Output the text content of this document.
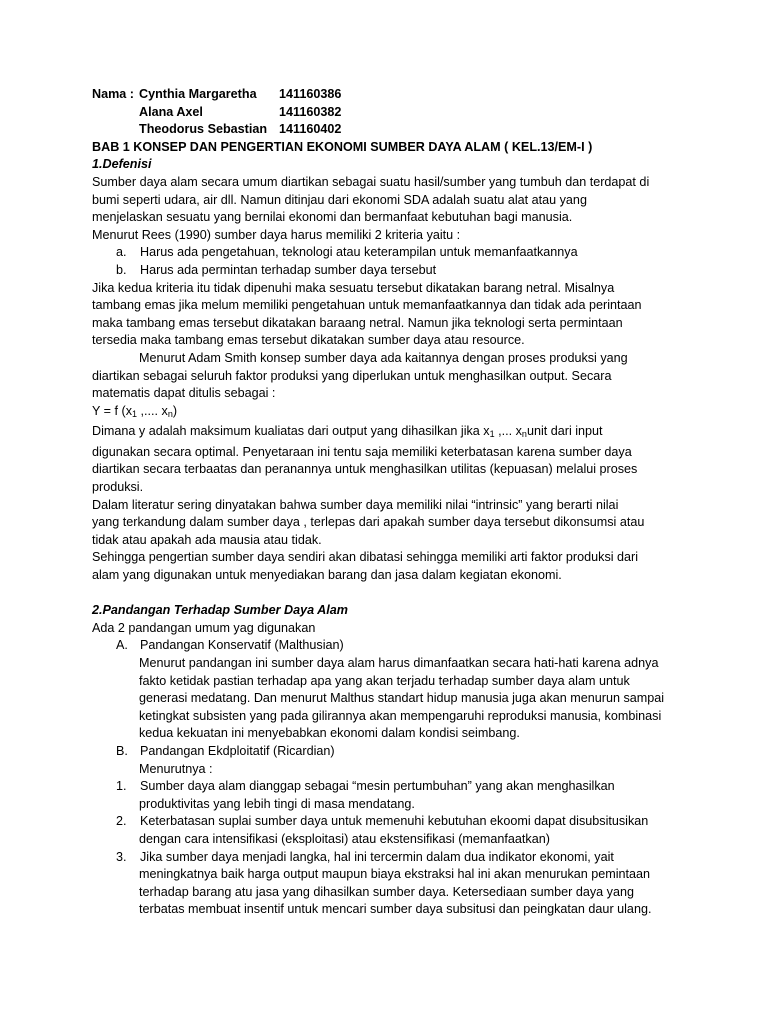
Nama : Cynthia Margaretha	141160386
Alana Axel	141160382
Theodorus Sebastian 141160402

BAB 1 KONSEP DAN PENGERTIAN EKONOMI SUMBER DAYA ALAM ( KEL.13/EM-I )

1.Defenisi

Sumber daya alam secara umum diartikan sebagai suatu hasil/sumber yang tumbuh dan terdapat di

bumi seperti udara, air dll. Namun ditinjau dari ekonomi SDA adalah suatu alat atau yang

menjelaskan sesuatu yang bernilai ekonomi dan bermanfaat kebutuhan bagi manusia.

Menurut Rees (1990) sumber daya harus memiliki 2 kriteria yaitu :

a.	Harus ada pengetahuan, teknologi atau keterampilan untuk memanfaatkannya
b.	Harus ada permintan terhadap sumber daya tersebut

Jika kedua kriteria itu tidak dipenuhi maka sesuatu tersebut dikatakan barang netral. Misalnya

tambang emas jika melum memiliki pengetahuan untuk memanfaatkannya dan tidak ada perintaan

maka tambang emas tersebut dikatakan baraang netral. Namun jika teknologi serta permintaan

tersedia maka tambang emas tersebut dikatakan sumber daya atau resource.

Menurut Adam Smith konsep sumber daya ada kaitannya dengan proses produksi yang

diartikan sebagai seluruh faktor produksi yang diperlukan untuk menghasilkan output. Secara

matematis dapat ditulis sebagai :

Y = f ($x_1$ ,.... $x_n$)

Dimana y adalah maksimum kualiatas dari output yang dihasilkan jika $x_1$ ,... $x_nunit$ dari input

digunakan secara optimal. Penyetaraan ini tentu saja memiliki keterbatasan karena sumber daya

diartikan secara terbaatas dan peranannya untuk menghasilkan utilitas (kepuasan) melalui proses

produksi.

Dalam literatur sering dinyatakan bahwa sumber daya memiliki nilai “intrinsic” yang berarti nilai

yang terkandung dalam sumber daya , terlepas dari apakah sumber daya tersebut dikonsumsi atau

tidak atau apakah ada mausia atau tidak.

Sehingga pengertian sumber daya sendiri akan dibatasi sehingga memiliki arti faktor produksi dari

alam yang digunakan untuk menyediakan barang dan jasa dalam kegiatan ekonomi.

2.Pandangan Terhadap Sumber Daya Alam

Ada 2 pandangan umum yag digunakan

A. Pandangan Konservatif (Malthusian)

Menurut pandangan ini sumber daya alam harus dimanfaatkan secara hati-hati karena adnya

fakto ketidak pastian terhadap apa yang akan terjadu terhadap sumber daya alam untuk

generasi medatang. Dan menurut Malthus standart hidup manusia juga akan menurun sampai

ketingkat subsisten yang pada gilirannya akan mempengaruhi reproduksi manusia, kombinasi

kedua kekuatan ini menyebabkan ekonomi dalam kondisi seimbang.

B. Pandangan Ekdploitatif (Ricardian)

Menurutnya :

1.	Sumber daya alam dianggap sebagai “mesin pertumbuhan” yang akan menghasilkan

produktivitas yang lebih tingi di masa mendatang.

2.	Keterbatasan suplai sumber daya untuk memenuhi kebutuhan ekoomi dapat disubsitusikan

dengan cara intensifikasi (eksploitasi) atau ekstensifikasi (memanfaatkan)

3.	Jika sumber daya menjadi langka, hal ini tercermin dalam dua indikator ekonomi, yait

meningkatnya baik harga output maupun biaya ekstraksi hal ini akan menurukan pemintaan

terhadap barang atu jasa yang dihasilkan sumber daya. Ketersediaan sumber daya yang

terbatas membuat insentif untuk mencari sumber daya subsitusi dan peingkatan daur ulang.
